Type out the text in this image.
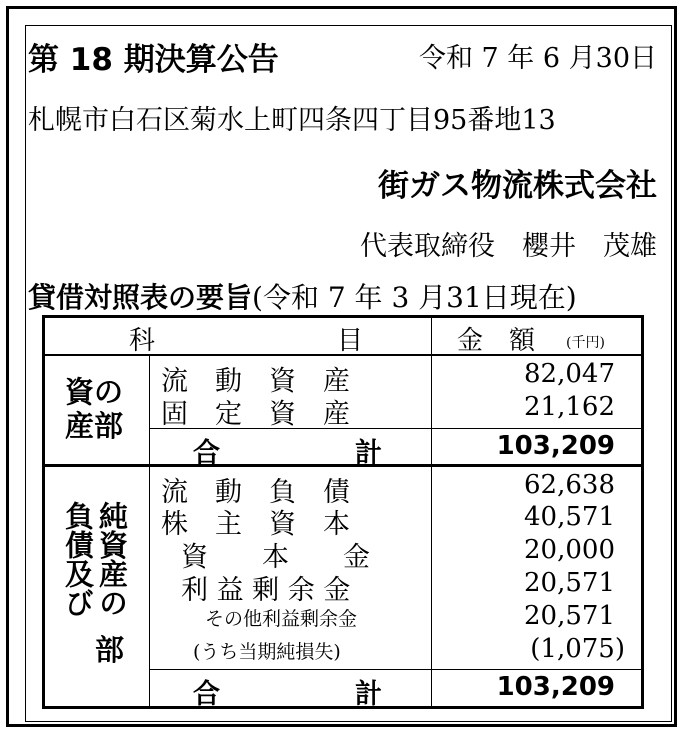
第 18 期決算公告	令和 7 年 6 月30日
札幌市白石区菊水上町四条四丁目95番地13
街ガス物流株式会社
代表取締役　櫻井　茂雄
貸借対照表の要旨(令和 7 年 3 月31日現在)
科　　　　　　　目	金　額 (千円)
資の
産部
流　動　資　産	82,047
固　定　資　産	21,162
合　　　　　計	103,209
純資産の
負債及び
部
流　動　負　債	62,638
株　主　資　本	40,571
資　　本　　金	20,000
利 益 剰 余 金	20,571
その他利益剰余金	20,571
(うち当期純損失)	(1,075)
合　　　　　計	103,209
